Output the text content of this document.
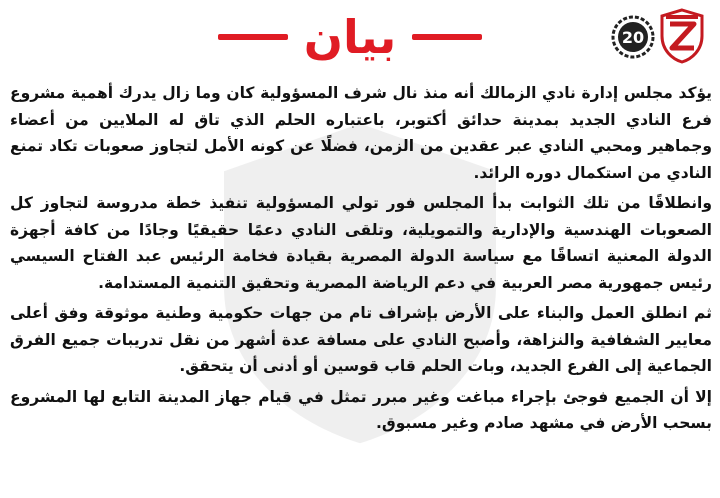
20
بيان

يؤكد مجلس إدارة نادي الزمالك أنه منذ نال شرف المسؤولية كان وما زال يدرك أهمية مشروع فرع النادي الجديد بمدينة حدائق أكتوبر، باعتباره الحلم الذي تاق له الملايين من أعضاء وجماهير ومحبي النادي عبر عقدين من الزمن، فضلًا عن كونه الأمل لتجاوز صعوبات تكاد تمنع النادي من استكمال دوره الرائد.

وانطلاقًا من تلك الثوابت بدأ المجلس فور تولي المسؤولية تنفيذ خطة مدروسة لتجاوز كل الصعوبات الهندسية والإدارية والتمويلية، وتلقى النادي دعمًا حقيقيًا وجادًا من كافة أجهزة الدولة المعنية اتساقًا مع سياسة الدولة المصرية بقيادة فخامة الرئيس عبد الفتاح السيسي رئيس جمهورية مصر العربية في دعم الرياضة المصرية وتحقيق التنمية المستدامة.

ثم انطلق العمل والبناء على الأرض بإشراف تام من جهات حكومية وطنية موثوقة وفق أعلى معايير الشفافية والنزاهة، وأصبح النادي على مسافة عدة أشهر من نقل تدريبات جميع الفرق الجماعية إلى الفرع الجديد، وبات الحلم قاب قوسين أو أدنى أن يتحقق.

إلا أن الجميع فوجئ بإجراء مباغت وغير مبرر تمثل في قيام جهاز المدينة التابع لها المشروع بسحب الأرض في مشهد صادم وغير مسبوق.
